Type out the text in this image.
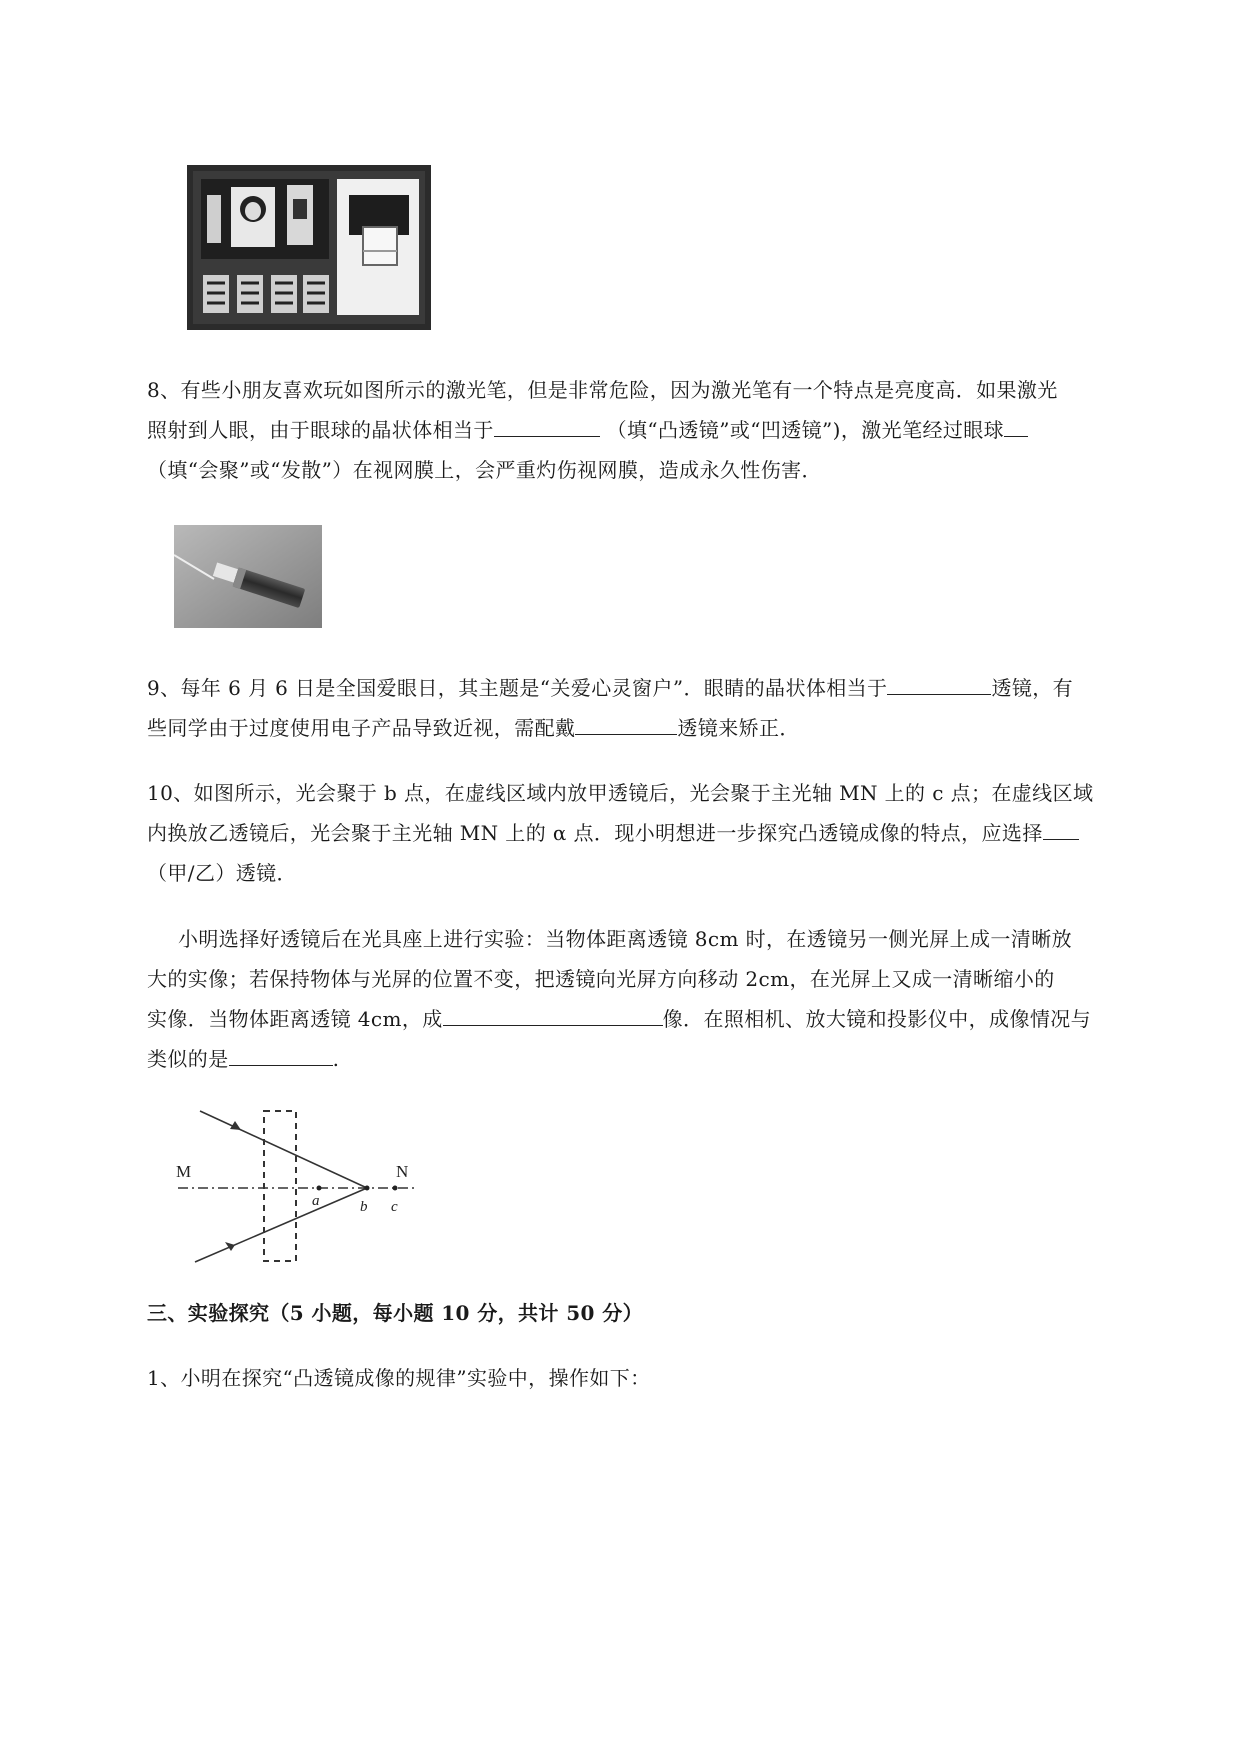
8、有些小朋友喜欢玩如图所示的激光笔，但是非常危险，因为激光笔有一个特点是亮度高．如果激光
照射到人眼，由于眼球的晶状体相当于	（填“凸透镜”或“凹透镜”)，激光笔经过眼球
（填“会聚”或“发散”）在视网膜上，会严重灼伤视网膜，造成永久性伤害．
9、每年 6 月 6 日是全国爱眼日，其主题是“关爱心灵窗户”．眼睛的晶状体相当于	透镜，有
些同学由于过度使用电子产品导致近视，需配戴	透镜来矫正．
10、如图所示，光会聚于 b 点，在虚线区域内放甲透镜后，光会聚于主光轴 MN 上的 c 点；在虚线区域
内换放乙透镜后，光会聚于主光轴 MN 上的 α 点．现小明想进一步探究凸透镜成像的特点，应选择
（甲/乙）透镜．
小明选择好透镜后在光具座上进行实验：当物体距离透镜 8cm 时，在透镜另一侧光屏上成一清晰放
大的实像；若保持物体与光屏的位置不变，把透镜向光屏方向移动 2cm，在光屏上又成一清晰缩小的
实像．当物体距离透镜 4cm，成	像．在照相机、放大镜和投影仪中，成像情况与
类似的是	.
M	N
a	b c
三、实验探究（5 小题，每小题 10 分，共计 50 分）
1、小明在探究“凸透镜成像的规律”实验中，操作如下：
